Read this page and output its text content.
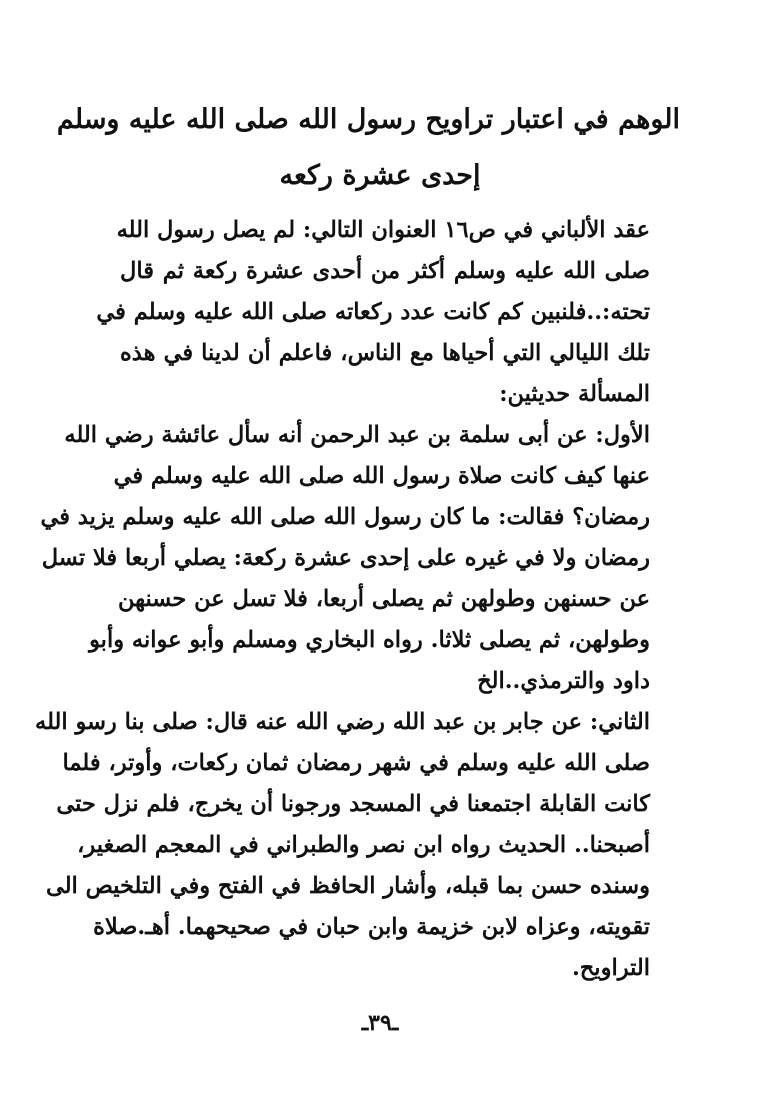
الوهم في اعتبار تراويح رسول الله صلى الله عليه وسلم
إحدى عشرة ركعه
عقد الألباني في ص١٦ العنوان التالي: لم يصل رسول الله
صلى الله عليه وسلم أكثر من أحدى عشرة ركعة ثم قال
تحته:..فلنبين كم كانت عدد ركعاته صلى الله عليه وسلم في
تلك الليالي التي أحياها مع الناس، فاعلم أن لدينا في هذه
المسألة حديثين:
الأول: عن أبى سلمة بن عبد الرحمن أنه سأل عائشة رضي الله
عنها كيف كانت صلاة رسول الله صلى الله عليه وسلم في
رمضان؟ فقالت: ما كان رسول الله صلى الله عليه وسلم يزيد في
رمضان ولا في غيره على إحدى عشرة ركعة: يصلي أربعا فلا تسل
عن حسنهن وطولهن ثم يصلى أربعا، فلا تسل عن حسنهن
وطولهن، ثم يصلى ثلاثا. رواه البخاري ومسلم وأبو عوانه وأبو
داود والترمذي..الخ
الثاني: عن جابر بن عبد الله رضي الله عنه قال: صلى بنا رسو الله
صلى الله عليه وسلم في شهر رمضان ثمان ركعات، وأوتر، فلما
كانت القابلة اجتمعنا في المسجد ورجونا أن يخرج، فلم نزل حتى
أصبحنا.. الحديث رواه ابن نصر والطبراني في المعجم الصغير،
وسنده حسن بما قبله، وأشار الحافظ في الفتح وفي التلخيص الى
تقويته، وعزاه لابن خزيمة وابن حبان في صحيحهما. أهـ.صلاة
التراويح.
ـ٣٩ـ
